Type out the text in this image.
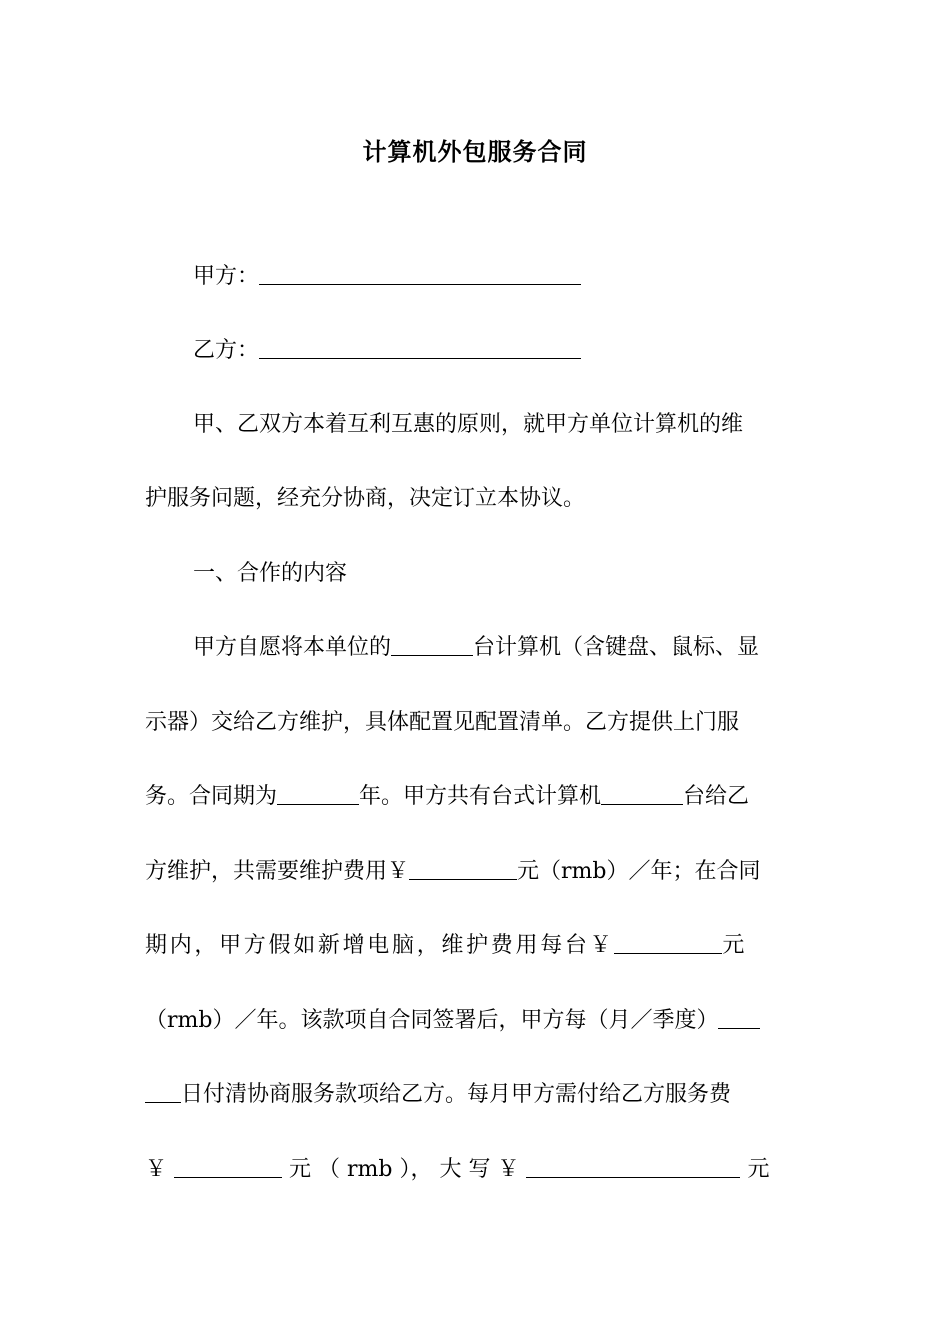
计算机外包服务合同
甲方：
乙方：
甲、乙双方本着互利互惠的原则，就甲方单位计算机的维
护服务问题，经充分协商，决定订立本协议。
一、合作的内容
甲方自愿将本单位的	台计算机（含键盘、鼠标、显
示器）交给乙方维护，具体配置见配置清单。乙方提供上门服
务。合同期为	年。甲方共有台式计算机	台给乙
方维护，共需要维护费用￥	元（rmb）／年；在合同
期内，甲方假如新增电脑，维护费用每台￥	元
（rmb）／年。该款项自合同签署后，甲方每（月／季度）
日付清协商服务款项给乙方。每月甲方需付给乙方服务费
￥	元 （ rmb ）， 大 写 ￥	元
